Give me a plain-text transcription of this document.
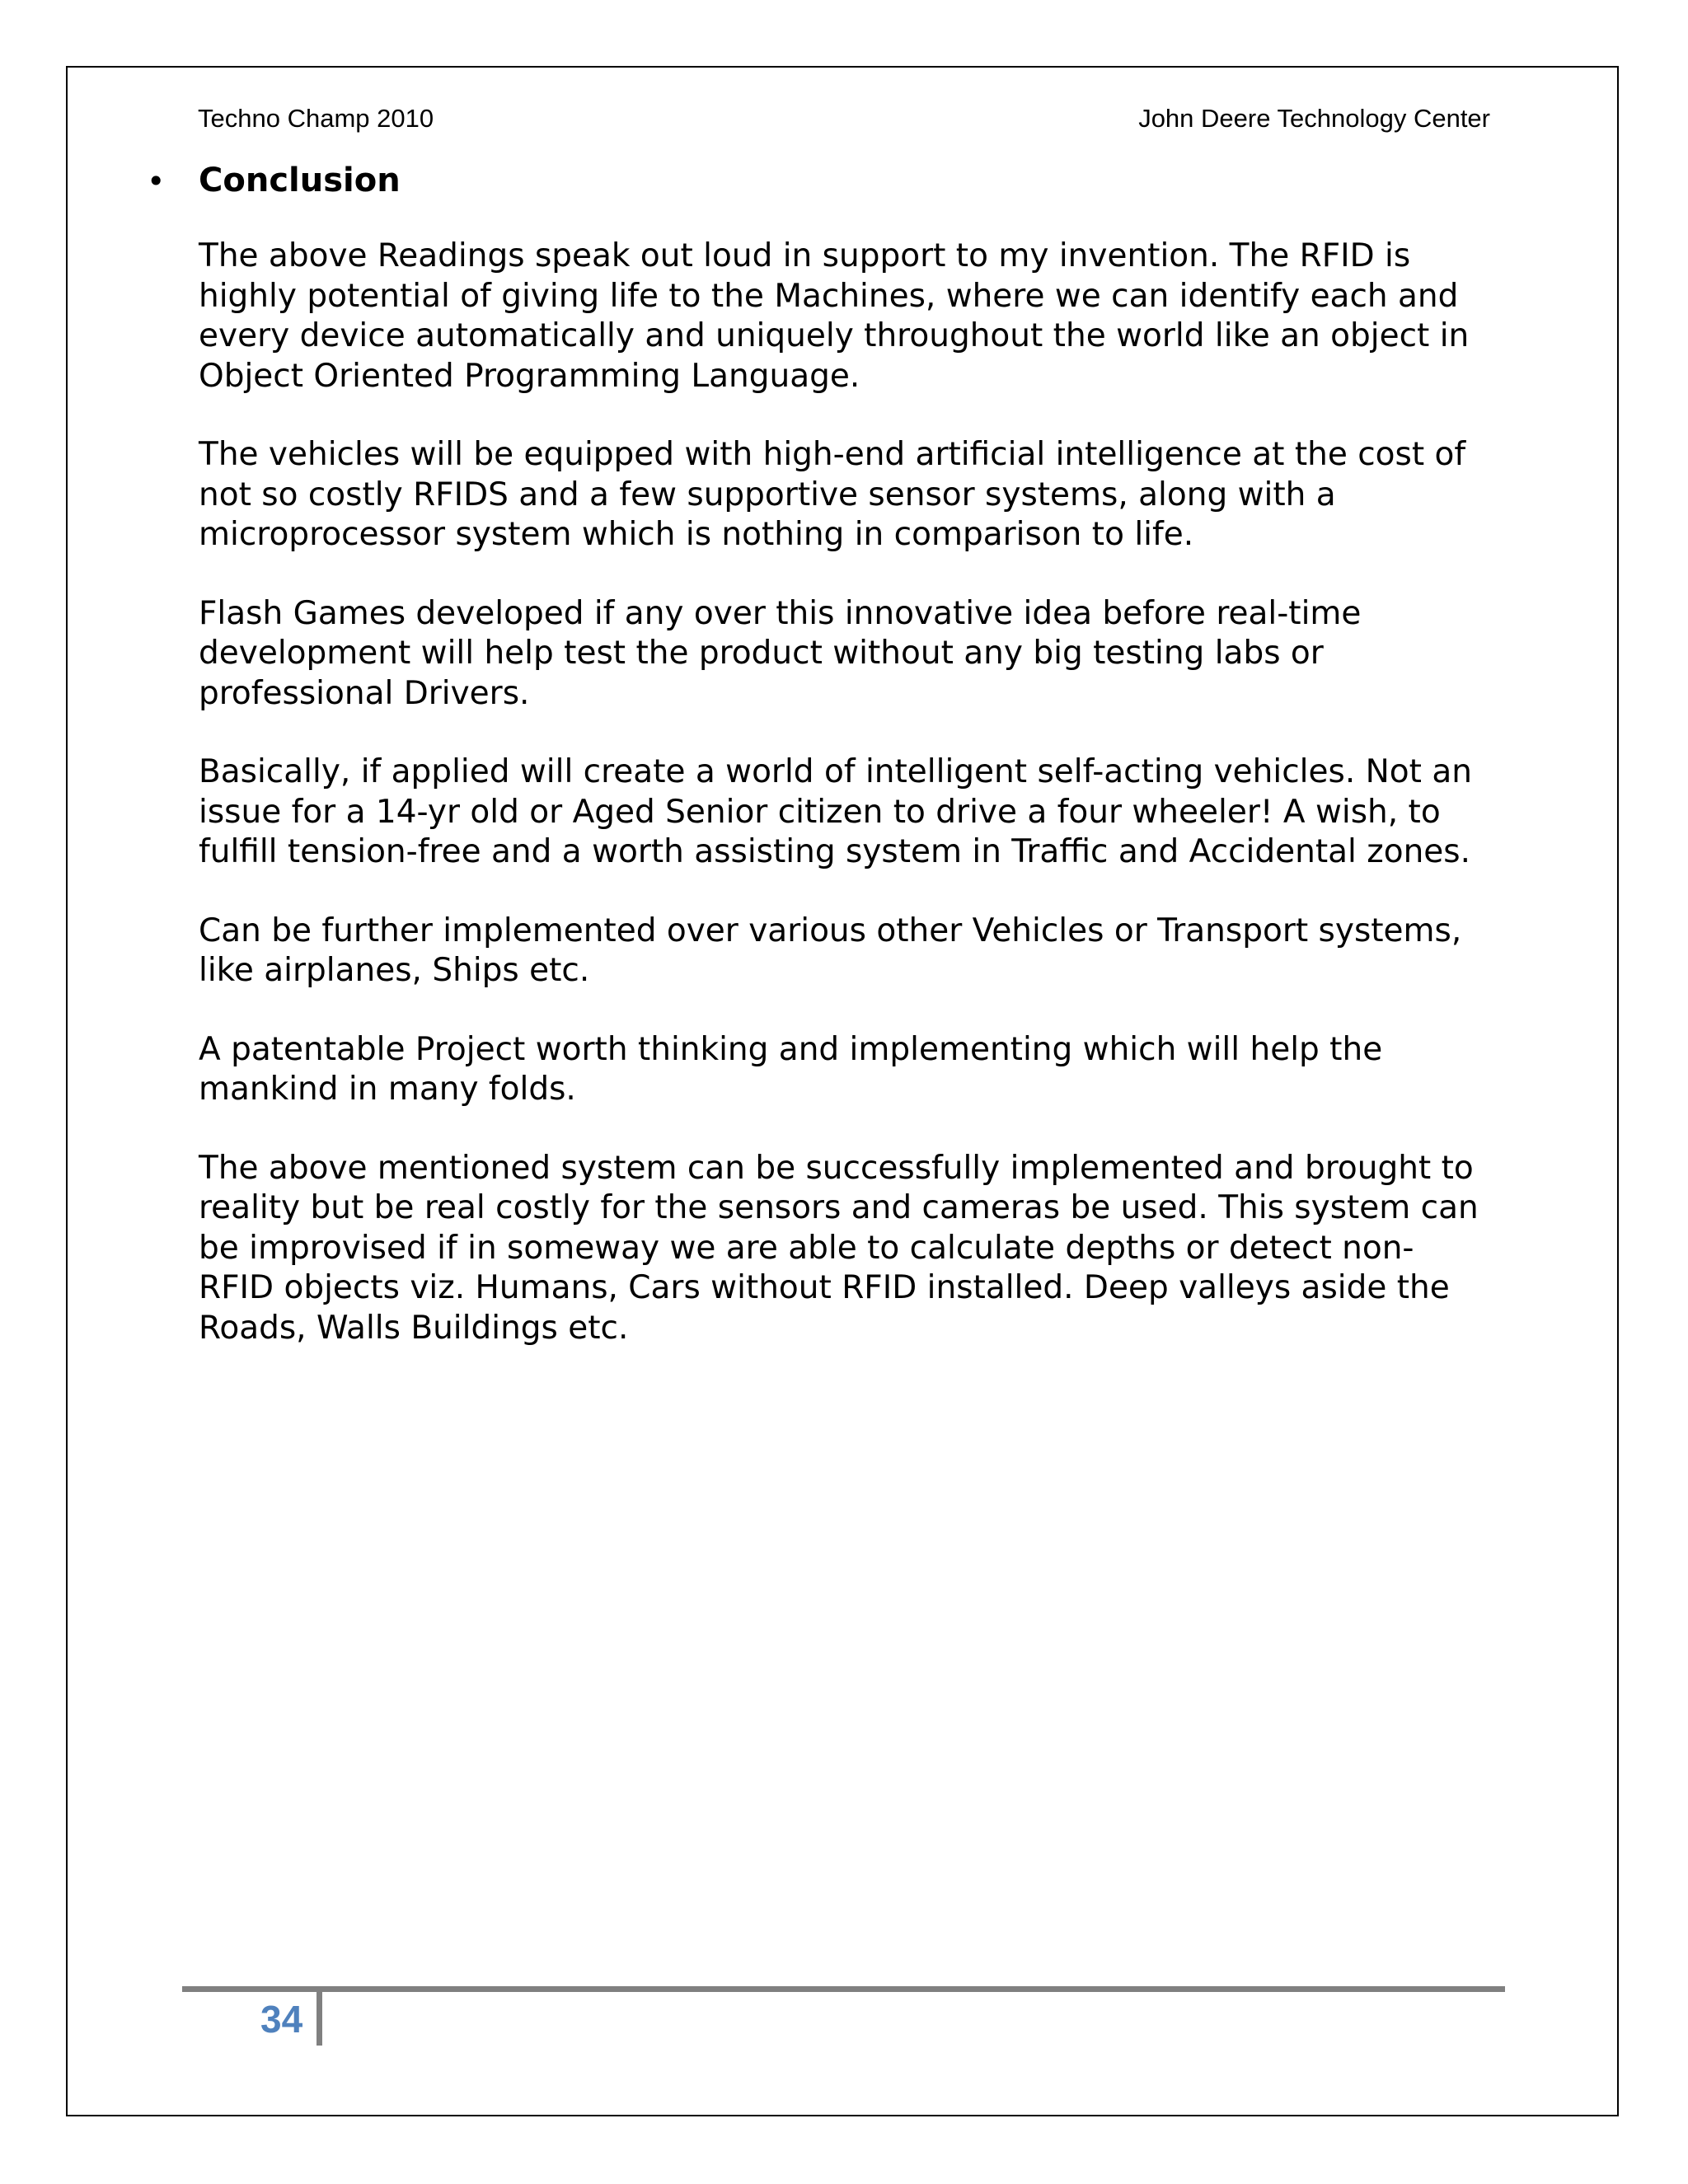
Techno Champ 2010	John Deere Technology Center
• Conclusion

The above Readings speak out loud in support to my invention. The RFID is highly potential of giving life to the Machines, where we can identify each and every device automatically and uniquely throughout the world like an object in Object Oriented Programming Language.

The vehicles will be equipped with high-end artificial intelligence at the cost of not so costly RFIDS and a few supportive sensor systems, along with a microprocessor system which is nothing in comparison to life.

Flash Games developed if any over this innovative idea before real-time development will help test the product without any big testing labs or professional Drivers.

Basically, if applied will create a world of intelligent self-acting vehicles. Not an issue for a 14-yr old or Aged Senior citizen to drive a four wheeler! A wish, to fulfill tension-free and a worth assisting system in Traffic and Accidental zones.

Can be further implemented over various other Vehicles or Transport systems, like airplanes, Ships etc.

A patentable Project worth thinking and implementing which will help the mankind in many folds.

The above mentioned system can be successfully implemented and brought to reality but be real costly for the sensors and cameras be used. This system can be improvised if in someway we are able to calculate depths or detect non-RFID objects viz. Humans, Cars without RFID installed. Deep valleys aside the Roads, Walls Buildings etc.

34
